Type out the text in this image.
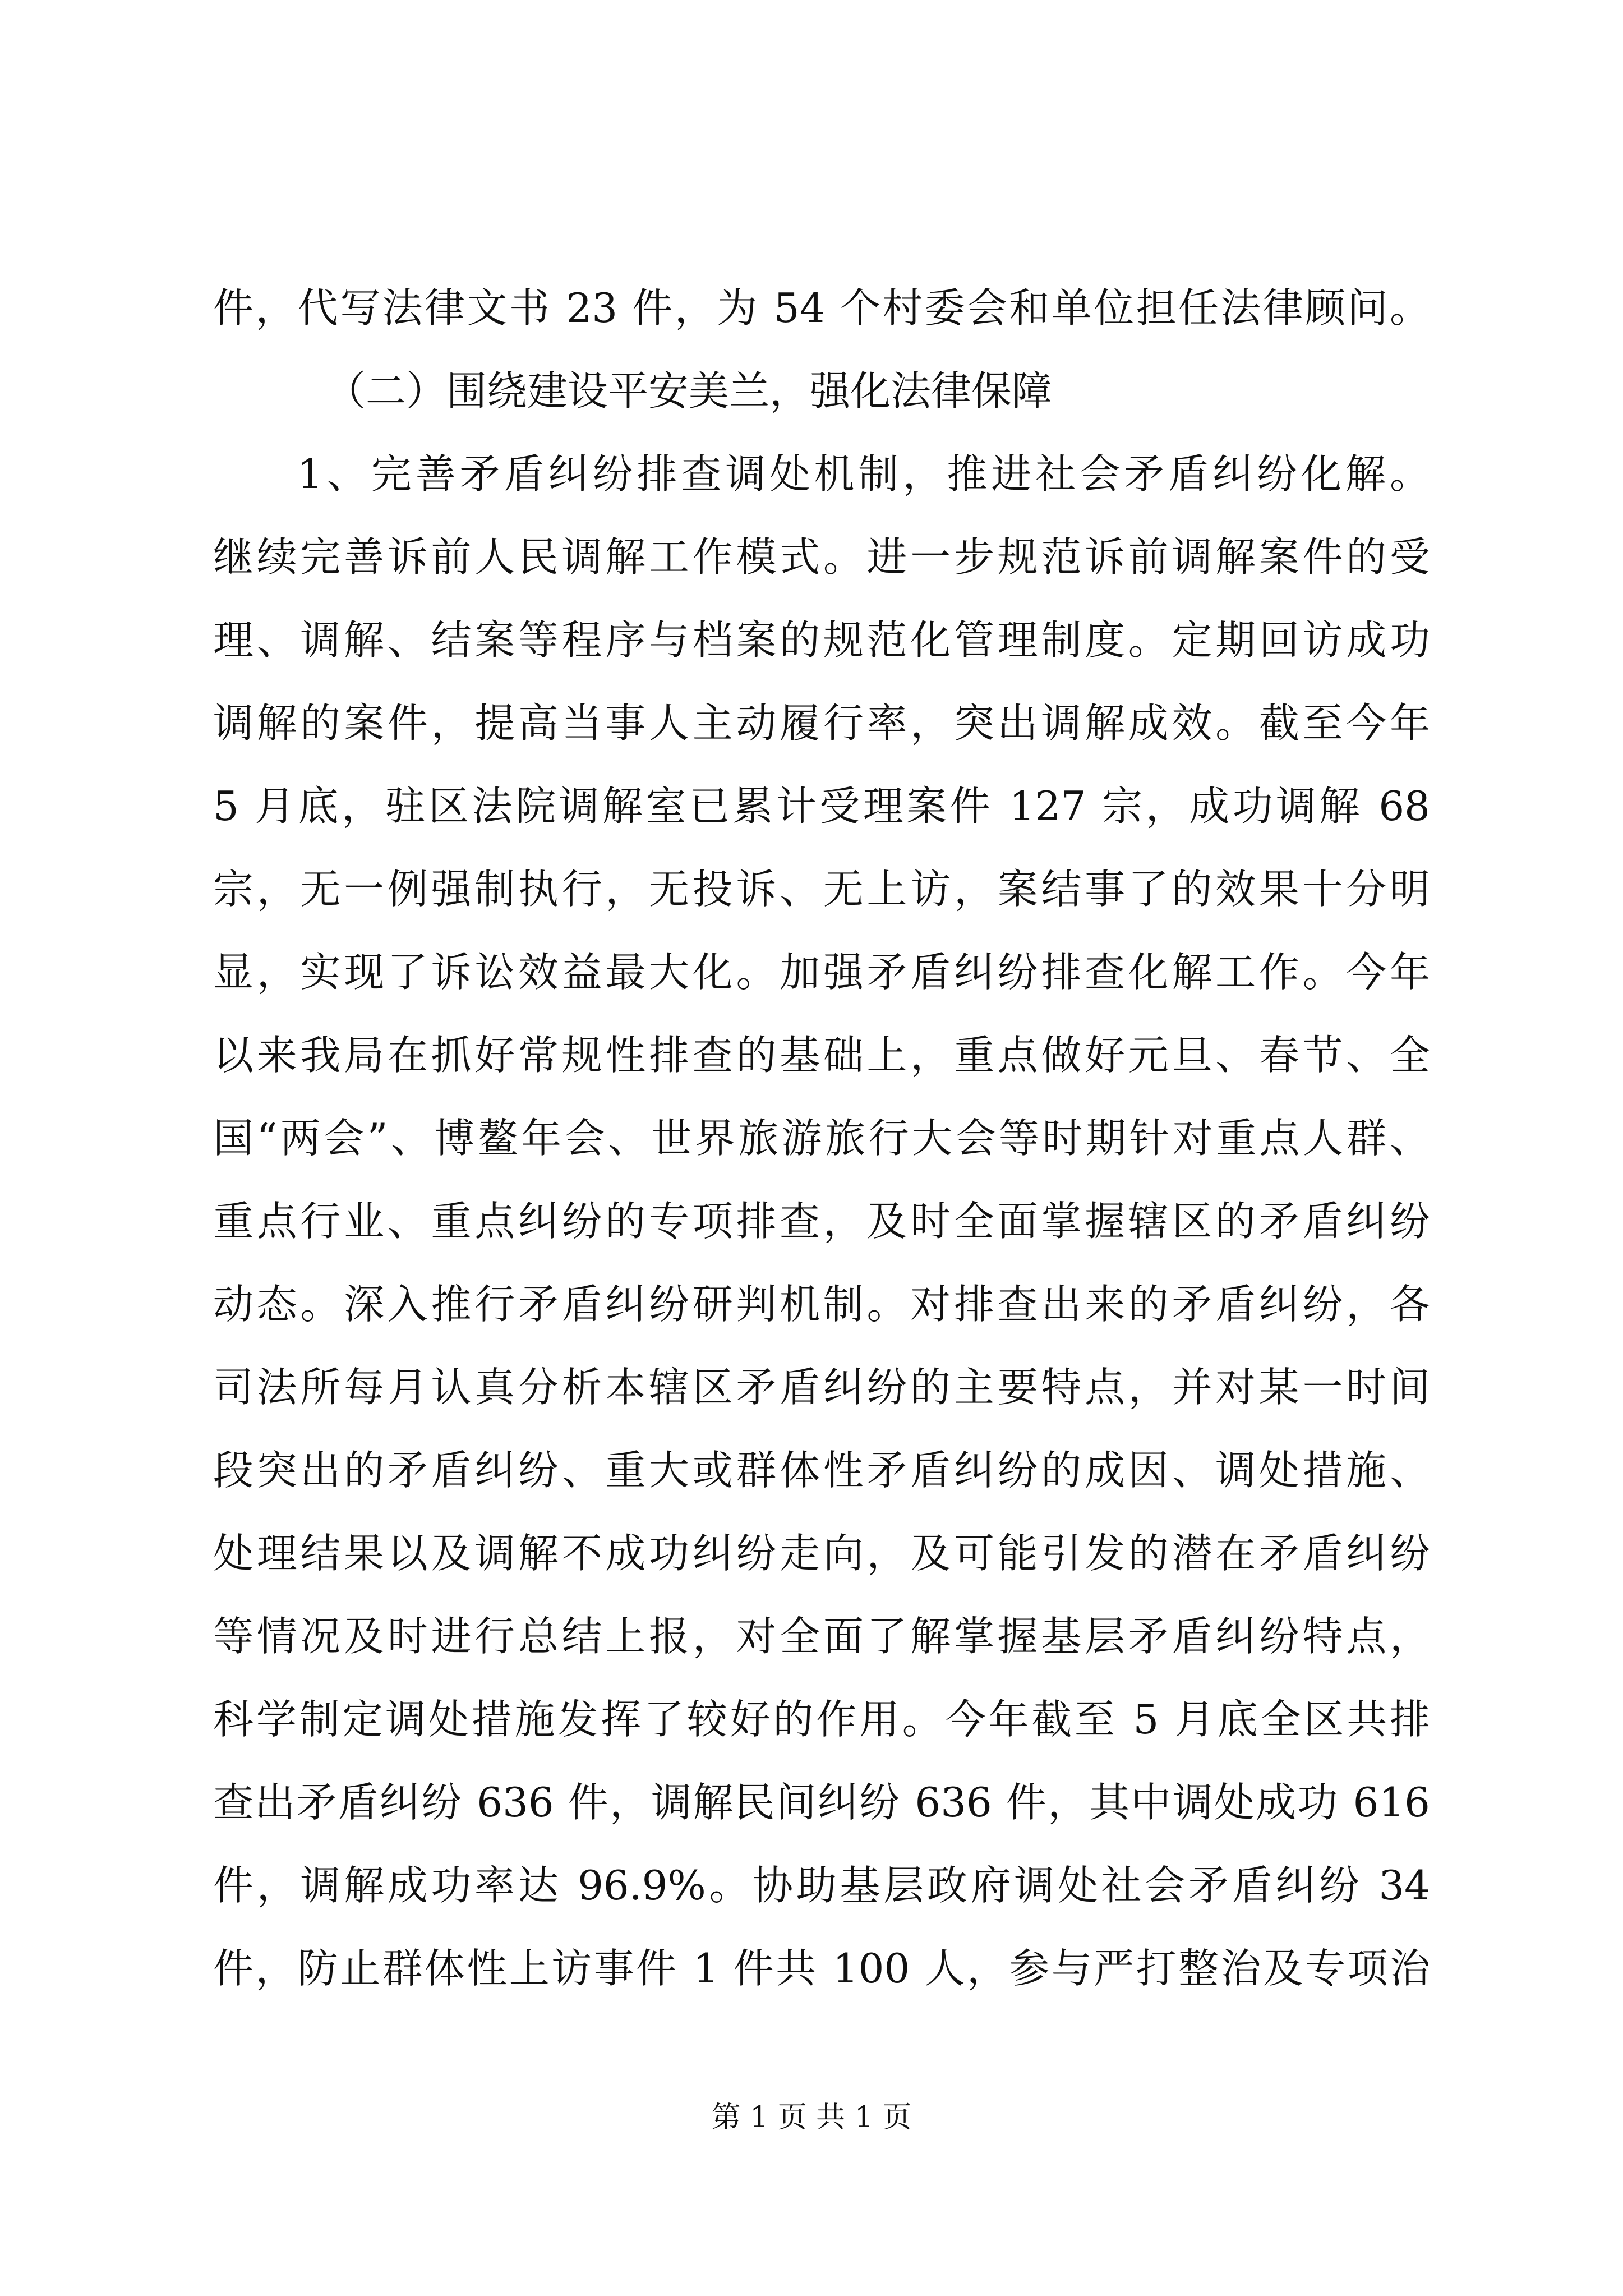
件，代写法律文书 23 件，为 54 个村委会和单位担任法律顾问。
（二）围绕建设平安美兰，强化法律保障
1、完善矛盾纠纷排查调处机制，推进社会矛盾纠纷化解。
继续完善诉前人民调解工作模式。进一步规范诉前调解案件的受
理、调解、结案等程序与档案的规范化管理制度。定期回访成功
调解的案件，提高当事人主动履行率，突出调解成效。截至今年
5 月底，驻区法院调解室已累计受理案件 127 宗，成功调解 68
宗，无一例强制执行，无投诉、无上访，案结事了的效果十分明
显，实现了诉讼效益最大化。加强矛盾纠纷排查化解工作。今年
以来我局在抓好常规性排查的基础上，重点做好元旦、春节、全
国“两会”、博鳌年会、世界旅游旅行大会等时期针对重点人群、
重点行业、重点纠纷的专项排查，及时全面掌握辖区的矛盾纠纷
动态。深入推行矛盾纠纷研判机制。对排查出来的矛盾纠纷，各
司法所每月认真分析本辖区矛盾纠纷的主要特点，并对某一时间
段突出的矛盾纠纷、重大或群体性矛盾纠纷的成因、调处措施、
处理结果以及调解不成功纠纷走向，及可能引发的潜在矛盾纠纷
等情况及时进行总结上报，对全面了解掌握基层矛盾纠纷特点，
科学制定调处措施发挥了较好的作用。今年截至 5 月底全区共排
查出矛盾纠纷 636 件，调解民间纠纷 636 件，其中调处成功 616
件，调解成功率达 96.9%。协助基层政府调处社会矛盾纠纷 34
件，防止群体性上访事件 1 件共 100 人，参与严打整治及专项治
第 1 页 共 1 页
